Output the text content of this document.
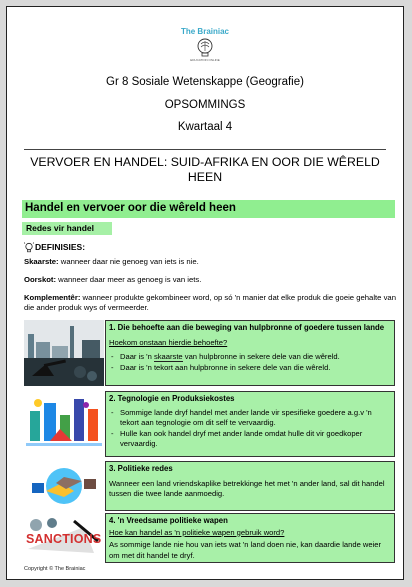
The Brainiac
EDUCATION ONLINE
Gr 8 Sosiale Wetenskappe (Geografie)
OPSOMMINGS
Kwartaal 4
VERVOER EN HANDEL: SUID-AFRIKA EN OOR DIE WÊRELD HEEN
Handel en vervoer oor die wêreld heen
Redes vir handel
DEFINISIES:
Skaarste: wanneer daar nie genoeg van iets is nie.
Oorskot: wanneer daar meer as genoeg is van iets.
Komplementêr: wanneer produkte gekombineer word, op só 'n manier dat elke produk die goeie gehalte van die ander produk wys of vermeerder.
SANCTIONS
1. Die behoefte aan die beweging van hulpbronne of goedere tussen lande
Hoekom onstaan hierdie behoefte?
- Daar is 'n skaarste van hulpbronne in sekere dele van die wêreld.
- Daar is 'n tekort aan hulpbronne in sekere dele van die wêreld.
2. Tegnologie en Produksiekostes
- Sommige lande dryf handel met ander lande vir spesifieke goedere a.g.v 'n tekort aan tegnologie om dit self te vervaardig.
- Hulle kan ook handel dryf met ander lande omdat hulle dit vir goedkoper vervaardig.
3. Politieke redes
Wanneer een land vriendskaplike betrekkinge het met 'n ander land, sal dit handel tussen die twee lande aanmoedig.
4. 'n Vreedsame politieke wapen
Hoe kan handel as 'n politieke wapen gebruik word?
As sommige lande nie hou van iets wat 'n land doen nie, kan daardie lande weier om met dit handel te dryf.
Copyright © The Brainiac
